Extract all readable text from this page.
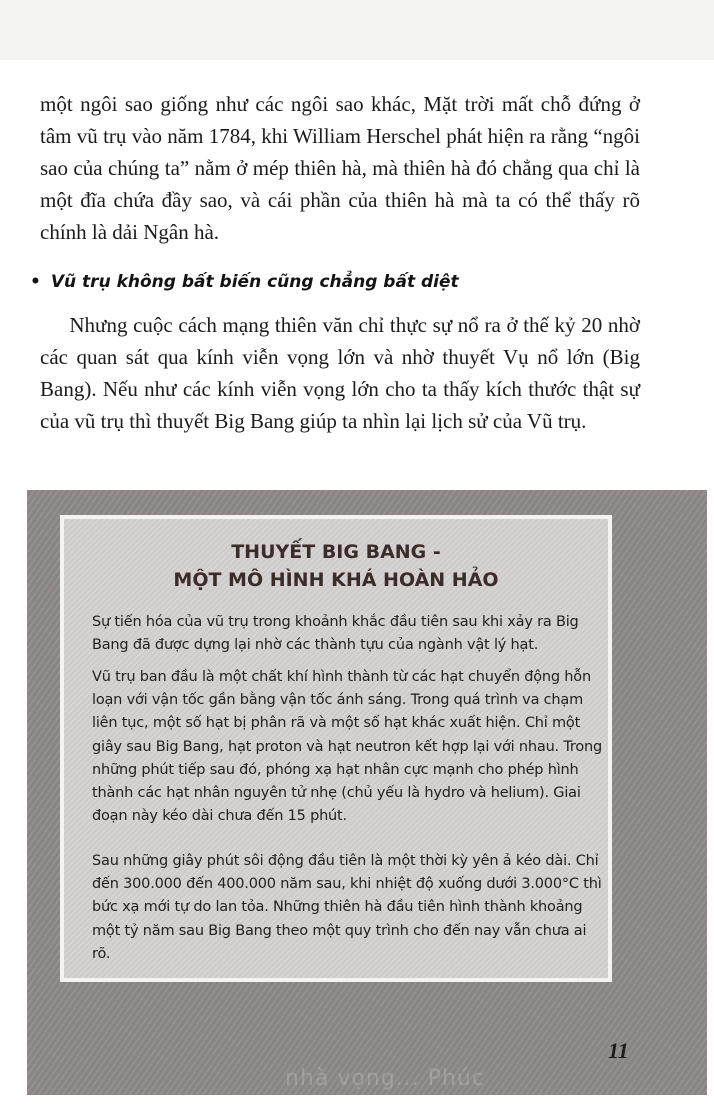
một ngôi sao giống như các ngôi sao khác, Mặt trời mất chỗ đứng ở tâm vũ trụ vào năm 1784, khi William Herschel phát hiện ra rằng “ngôi sao của chúng ta” nằm ở mép thiên hà, mà thiên hà đó chẳng qua chỉ là một đĩa chứa đầy sao, và cái phần của thiên hà mà ta có thể thấy rõ chính là dải Ngân hà.

• Vũ trụ không bất biến cũng chẳng bất diệt

Nhưng cuộc cách mạng thiên văn chỉ thực sự nổ ra ở thế kỷ 20 nhờ các quan sát qua kính viễn vọng lớn và nhờ thuyết Vụ nổ lớn (Big Bang). Nếu như các kính viễn vọng lớn cho ta thấy kích thước thật sự của vũ trụ thì thuyết Big Bang giúp ta nhìn lại lịch sử của Vũ trụ.

THUYẾT BIG BANG -
MỘT MÔ HÌNH KHÁ HOÀN HẢO

Sự tiến hóa của vũ trụ trong khoảnh khắc đầu tiên sau khi xảy ra Big Bang đã được dựng lại nhờ các thành tựu của ngành vật lý hạt.

Vũ trụ ban đầu là một chất khí hình thành từ các hạt chuyển động hỗn loạn với vận tốc gần bằng vận tốc ánh sáng. Trong quá trình va chạm liên tục, một số hạt bị phân rã và một số hạt khác xuất hiện. Chỉ một giây sau Big Bang, hạt proton và hạt neutron kết hợp lại với nhau. Trong những phút tiếp sau đó, phóng xạ hạt nhân cực mạnh cho phép hình thành các hạt nhân nguyên tử nhẹ (chủ yếu là hydro và helium). Giai đoạn này kéo dài chưa đến 15 phút.

Sau những giây phút sôi động đầu tiên là một thời kỳ yên ả kéo dài. Chỉ đến 300.000 đến 400.000 năm sau, khi nhiệt độ xuống dưới 3.000°C thì bức xạ mới tự do lan tỏa. Những thiên hà đầu tiên hình thành khoảng một tỷ năm sau Big Bang theo một quy trình cho đến nay vẫn chưa ai rõ.

11

nhà vọng... Phúc
